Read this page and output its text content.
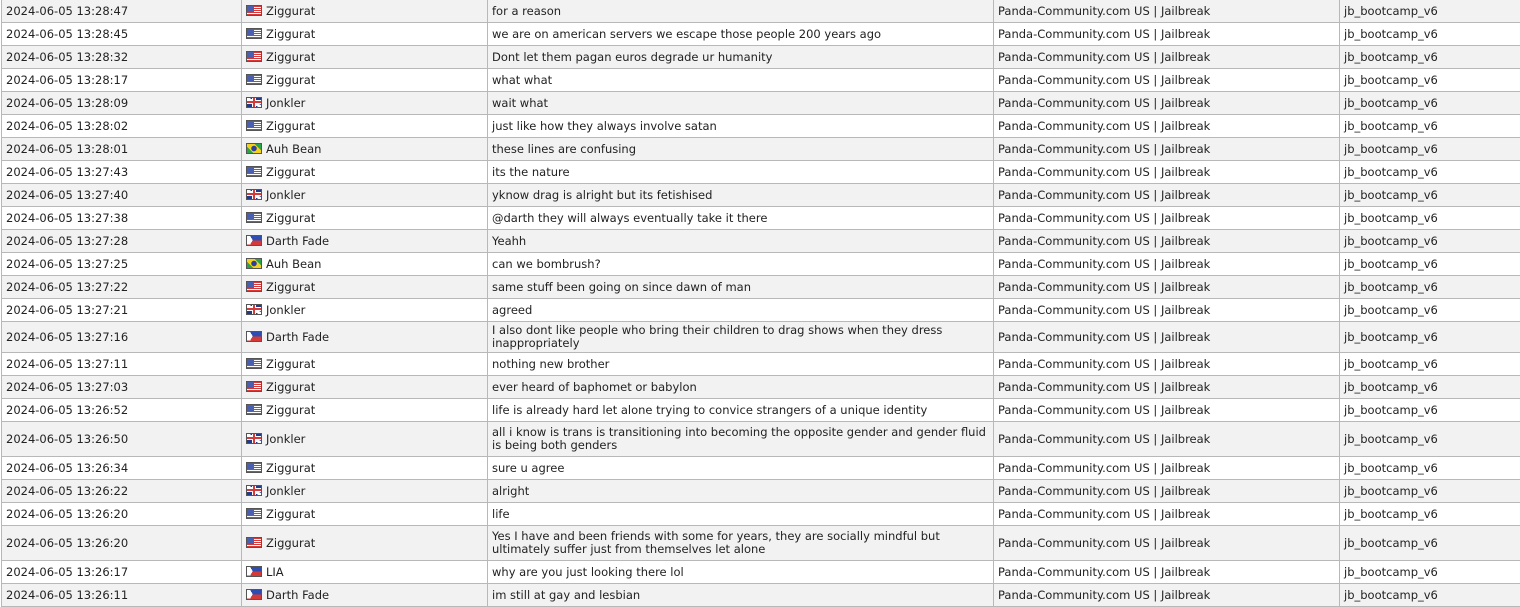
2024-06-05 13:28:47	Ziggurat	for a reason	Panda-Community.com US | Jailbreak	jb_bootcamp_v6
2024-06-05 13:28:45	Ziggurat	we are on american servers we escape those people 200 years ago	Panda-Community.com US | Jailbreak	jb_bootcamp_v6
2024-06-05 13:28:32	Ziggurat	Dont let them pagan euros degrade ur humanity	Panda-Community.com US | Jailbreak	jb_bootcamp_v6
2024-06-05 13:28:17	Ziggurat	what what	Panda-Community.com US | Jailbreak	jb_bootcamp_v6
2024-06-05 13:28:09	Jonkler	wait what	Panda-Community.com US | Jailbreak	jb_bootcamp_v6
2024-06-05 13:28:02	Ziggurat	just like how they always involve satan	Panda-Community.com US | Jailbreak	jb_bootcamp_v6
2024-06-05 13:28:01	Auh Bean	these lines are confusing	Panda-Community.com US | Jailbreak	jb_bootcamp_v6
2024-06-05 13:27:43	Ziggurat	its the nature	Panda-Community.com US | Jailbreak	jb_bootcamp_v6
2024-06-05 13:27:40	Jonkler	yknow drag is alright but its fetishised	Panda-Community.com US | Jailbreak	jb_bootcamp_v6
2024-06-05 13:27:38	Ziggurat	@darth they will always eventually take it there	Panda-Community.com US | Jailbreak	jb_bootcamp_v6
2024-06-05 13:27:28	Darth Fade	Yeahh	Panda-Community.com US | Jailbreak	jb_bootcamp_v6
2024-06-05 13:27:25	Auh Bean	can we bombrush?	Panda-Community.com US | Jailbreak	jb_bootcamp_v6
2024-06-05 13:27:22	Ziggurat	same stuff been going on since dawn of man	Panda-Community.com US | Jailbreak	jb_bootcamp_v6
2024-06-05 13:27:21	Jonkler	agreed	Panda-Community.com US | Jailbreak	jb_bootcamp_v6
2024-06-05 13:27:16	Darth Fade	I also dont like people who bring their children to drag shows when they dress inappropriately	Panda-Community.com US | Jailbreak	jb_bootcamp_v6
2024-06-05 13:27:11	Ziggurat	nothing new brother	Panda-Community.com US | Jailbreak	jb_bootcamp_v6
2024-06-05 13:27:03	Ziggurat	ever heard of baphomet or babylon	Panda-Community.com US | Jailbreak	jb_bootcamp_v6
2024-06-05 13:26:52	Ziggurat	life is already hard let alone trying to convice strangers of a unique identity	Panda-Community.com US | Jailbreak	jb_bootcamp_v6
2024-06-05 13:26:50	Jonkler	all i know is trans is transitioning into becoming the opposite gender and gender fluid is being both genders	Panda-Community.com US | Jailbreak	jb_bootcamp_v6
2024-06-05 13:26:34	Ziggurat	sure u agree	Panda-Community.com US | Jailbreak	jb_bootcamp_v6
2024-06-05 13:26:22	Jonkler	alright	Panda-Community.com US | Jailbreak	jb_bootcamp_v6
2024-06-05 13:26:20	Ziggurat	life	Panda-Community.com US | Jailbreak	jb_bootcamp_v6
2024-06-05 13:26:20	Ziggurat	Yes I have and been friends with some for years, they are socially mindful but ultimately suffer just from themselves let alone	Panda-Community.com US | Jailbreak	jb_bootcamp_v6
2024-06-05 13:26:17	LIA	why are you just looking there lol	Panda-Community.com US | Jailbreak	jb_bootcamp_v6
2024-06-05 13:26:11	Darth Fade	im still at gay and lesbian	Panda-Community.com US | Jailbreak	jb_bootcamp_v6
